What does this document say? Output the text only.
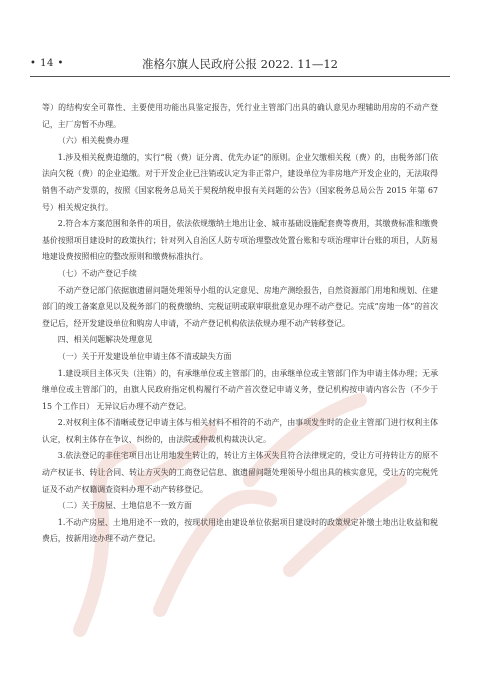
• 14 •	准格尔旗人民政府公报 2022. 11—12

等）的结构安全可靠性、主要使用功能出具鉴定报告，凭行业主管部门出具的确认意见办理辅助用房的不动产登记，主厂房暂不办理。

（六）相关税费办理

1.涉及相关税费追缴的，实行“税（费）证分离、优先办证”的原则。企业欠缴相关税（费）的，由税务部门依法向欠税（费）的企业追缴。对于开发企业已注销或认定为非正常户，建设单位为非房地产开发企业的，无法取得销售不动产发票的，按照《国家税务总局关于契税纳税申报有关问题的公告》（国家税务总局公告 2015 年第 67 号）相关规定执行。

2.符合本方案范围和条件的项目，依法依规缴纳土地出让金、城市基础设施配套费等费用，其缴费标准和缴费基价按照项目建设时的政策执行；针对列入自治区人防专项治理整改处置台账和专项治理审计台账的项目，人防易地建设费按照相应的整改原则和缴费标准执行。

（七）不动产登记手续

不动产登记部门依据旗遗留问题处理领导小组的认定意见、房地产测绘报告，自然资源部门用地和规划、住建部门的竣工备案意见以及税务部门的税费缴纳、完税证明或联审联批意见办理不动产登记。完成“房地一体”的首次登记后，经开发建设单位和购房人申请，不动产登记机构依法依规办理不动产转移登记。

四、相关问题解决处理意见

（一）关于开发建设单位申请主体不清或缺失方面

1.建设项目主体灭失（注销）的，有承继单位或主管部门的，由承继单位或主管部门作为申请主体办理；无承继单位或主管部门的，由旗人民政府指定机构履行不动产首次登记申请义务，登记机构按申请内容公告（不少于 15 个工作日） 无异议后办理不动产登记。

2.对权利主体不清晰或登记申请主体与相关材料不相符的不动产，由事项发生时的企业主管部门进行权利主体认定，权利主体存在争议、纠纷的，由法院或仲裁机构裁决认定。

3.依法登记的非住宅项目出让用地发生转让的，转让方主体灭失且符合法律规定的，受让方可持转让方的原不动产权证书、转让合同、转让方灭失的工商登记信息、旗遗留问题处理领导小组出具的核实意见，受让方的完税凭证及不动产权籍调查资料办理不动产转移登记。

（二）关于房屋、土地信息不一致方面

1.不动产房屋、土地用途不一致的，按现状用途由建设单位依据项目建设时的政策规定补缴土地出让收益和税费后，按新用途办理不动产登记。
